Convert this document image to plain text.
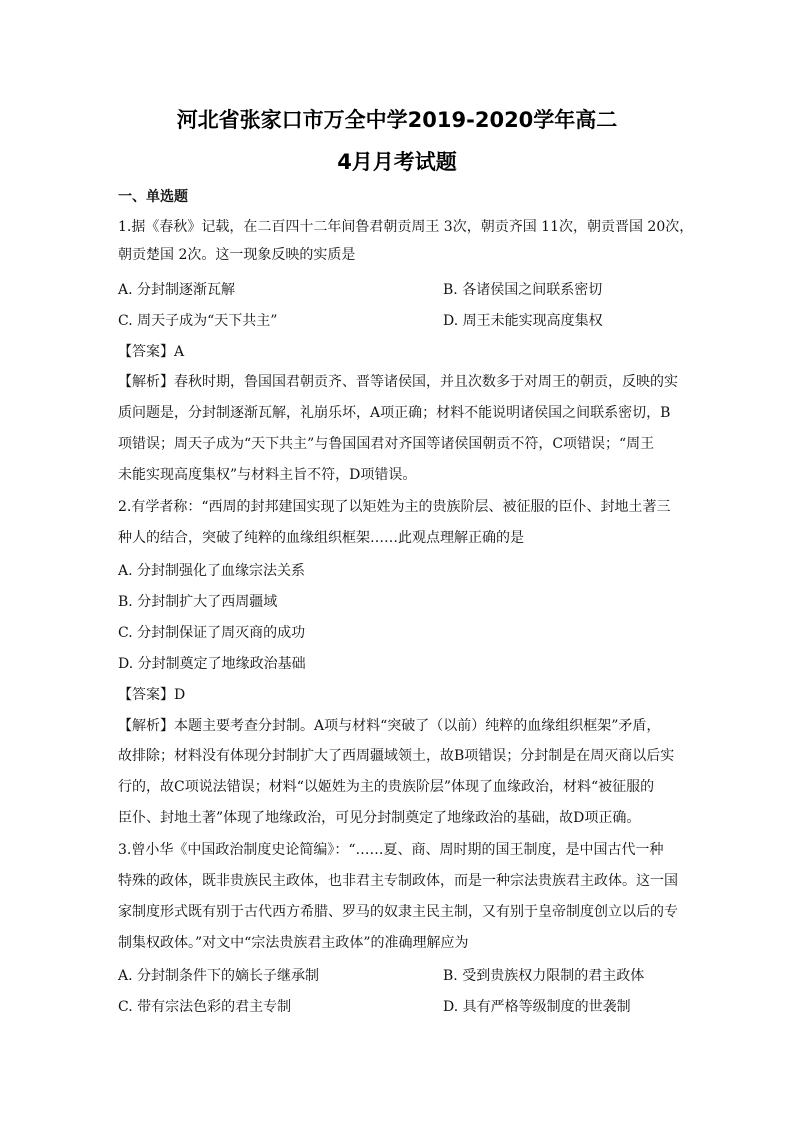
河北省张家口市万全中学2019-2020学年高二
4月月考试题
一、单选题
1.据《春秋》记载，在二百四十二年间鲁君朝贡周王 3次，朝贡齐国 11次，朝贡晋国 20次，
朝贡楚国 2次。这一现象反映的实质是
A. 分封制逐渐瓦解	B. 各诸侯国之间联系密切
C. 周天子成为“天下共主”	D. 周王未能实现高度集权
【答案】A
【解析】春秋时期，鲁国国君朝贡齐、晋等诸侯国，并且次数多于对周王的朝贡，反映的实
质问题是，分封制逐渐瓦解，礼崩乐坏，A项正确；材料不能说明诸侯国之间联系密切，B
项错误；周天子成为“天下共主”与鲁国国君对齐国等诸侯国朝贡不符，C项错误；“周王
未能实现高度集权”与材料主旨不符，D项错误。
2.有学者称：“西周的封邦建国实现了以矩姓为主的贵族阶层、被征服的臣仆、封地土著三
种人的结合，突破了纯粹的血缘组织框架……此观点理解正确的是
A. 分封制强化了血缘宗法关系
B. 分封制扩大了西周疆域
C. 分封制保证了周灭商的成功
D. 分封制奠定了地缘政治基础
【答案】D
【解析】本题主要考查分封制。A项与材料“突破了（以前）纯粹的血缘组织框架”矛盾，
故排除；材料没有体现分封制扩大了西周疆域领土，故B项错误；分封制是在周灭商以后实
行的，故C项说法错误；材料“以姬姓为主的贵族阶层”体现了血缘政治，材料“被征服的
臣仆、封地土著”体现了地缘政治，可见分封制奠定了地缘政治的基础，故D项正确。
3.曾小华《中国政治制度史论简编》：“……夏、商、周时期的国王制度，是中国古代一种
特殊的政体，既非贵族民主政体，也非君主专制政体，而是一种宗法贵族君主政体。这一国
家制度形式既有别于古代西方希腊、罗马的奴隶主民主制，又有别于皇帝制度创立以后的专
制集权政体。”对文中“宗法贵族君主政体”的准确理解应为
A. 分封制条件下的嫡长子继承制	B. 受到贵族权力限制的君主政体
C. 带有宗法色彩的君主专制	D. 具有严格等级制度的世袭制
